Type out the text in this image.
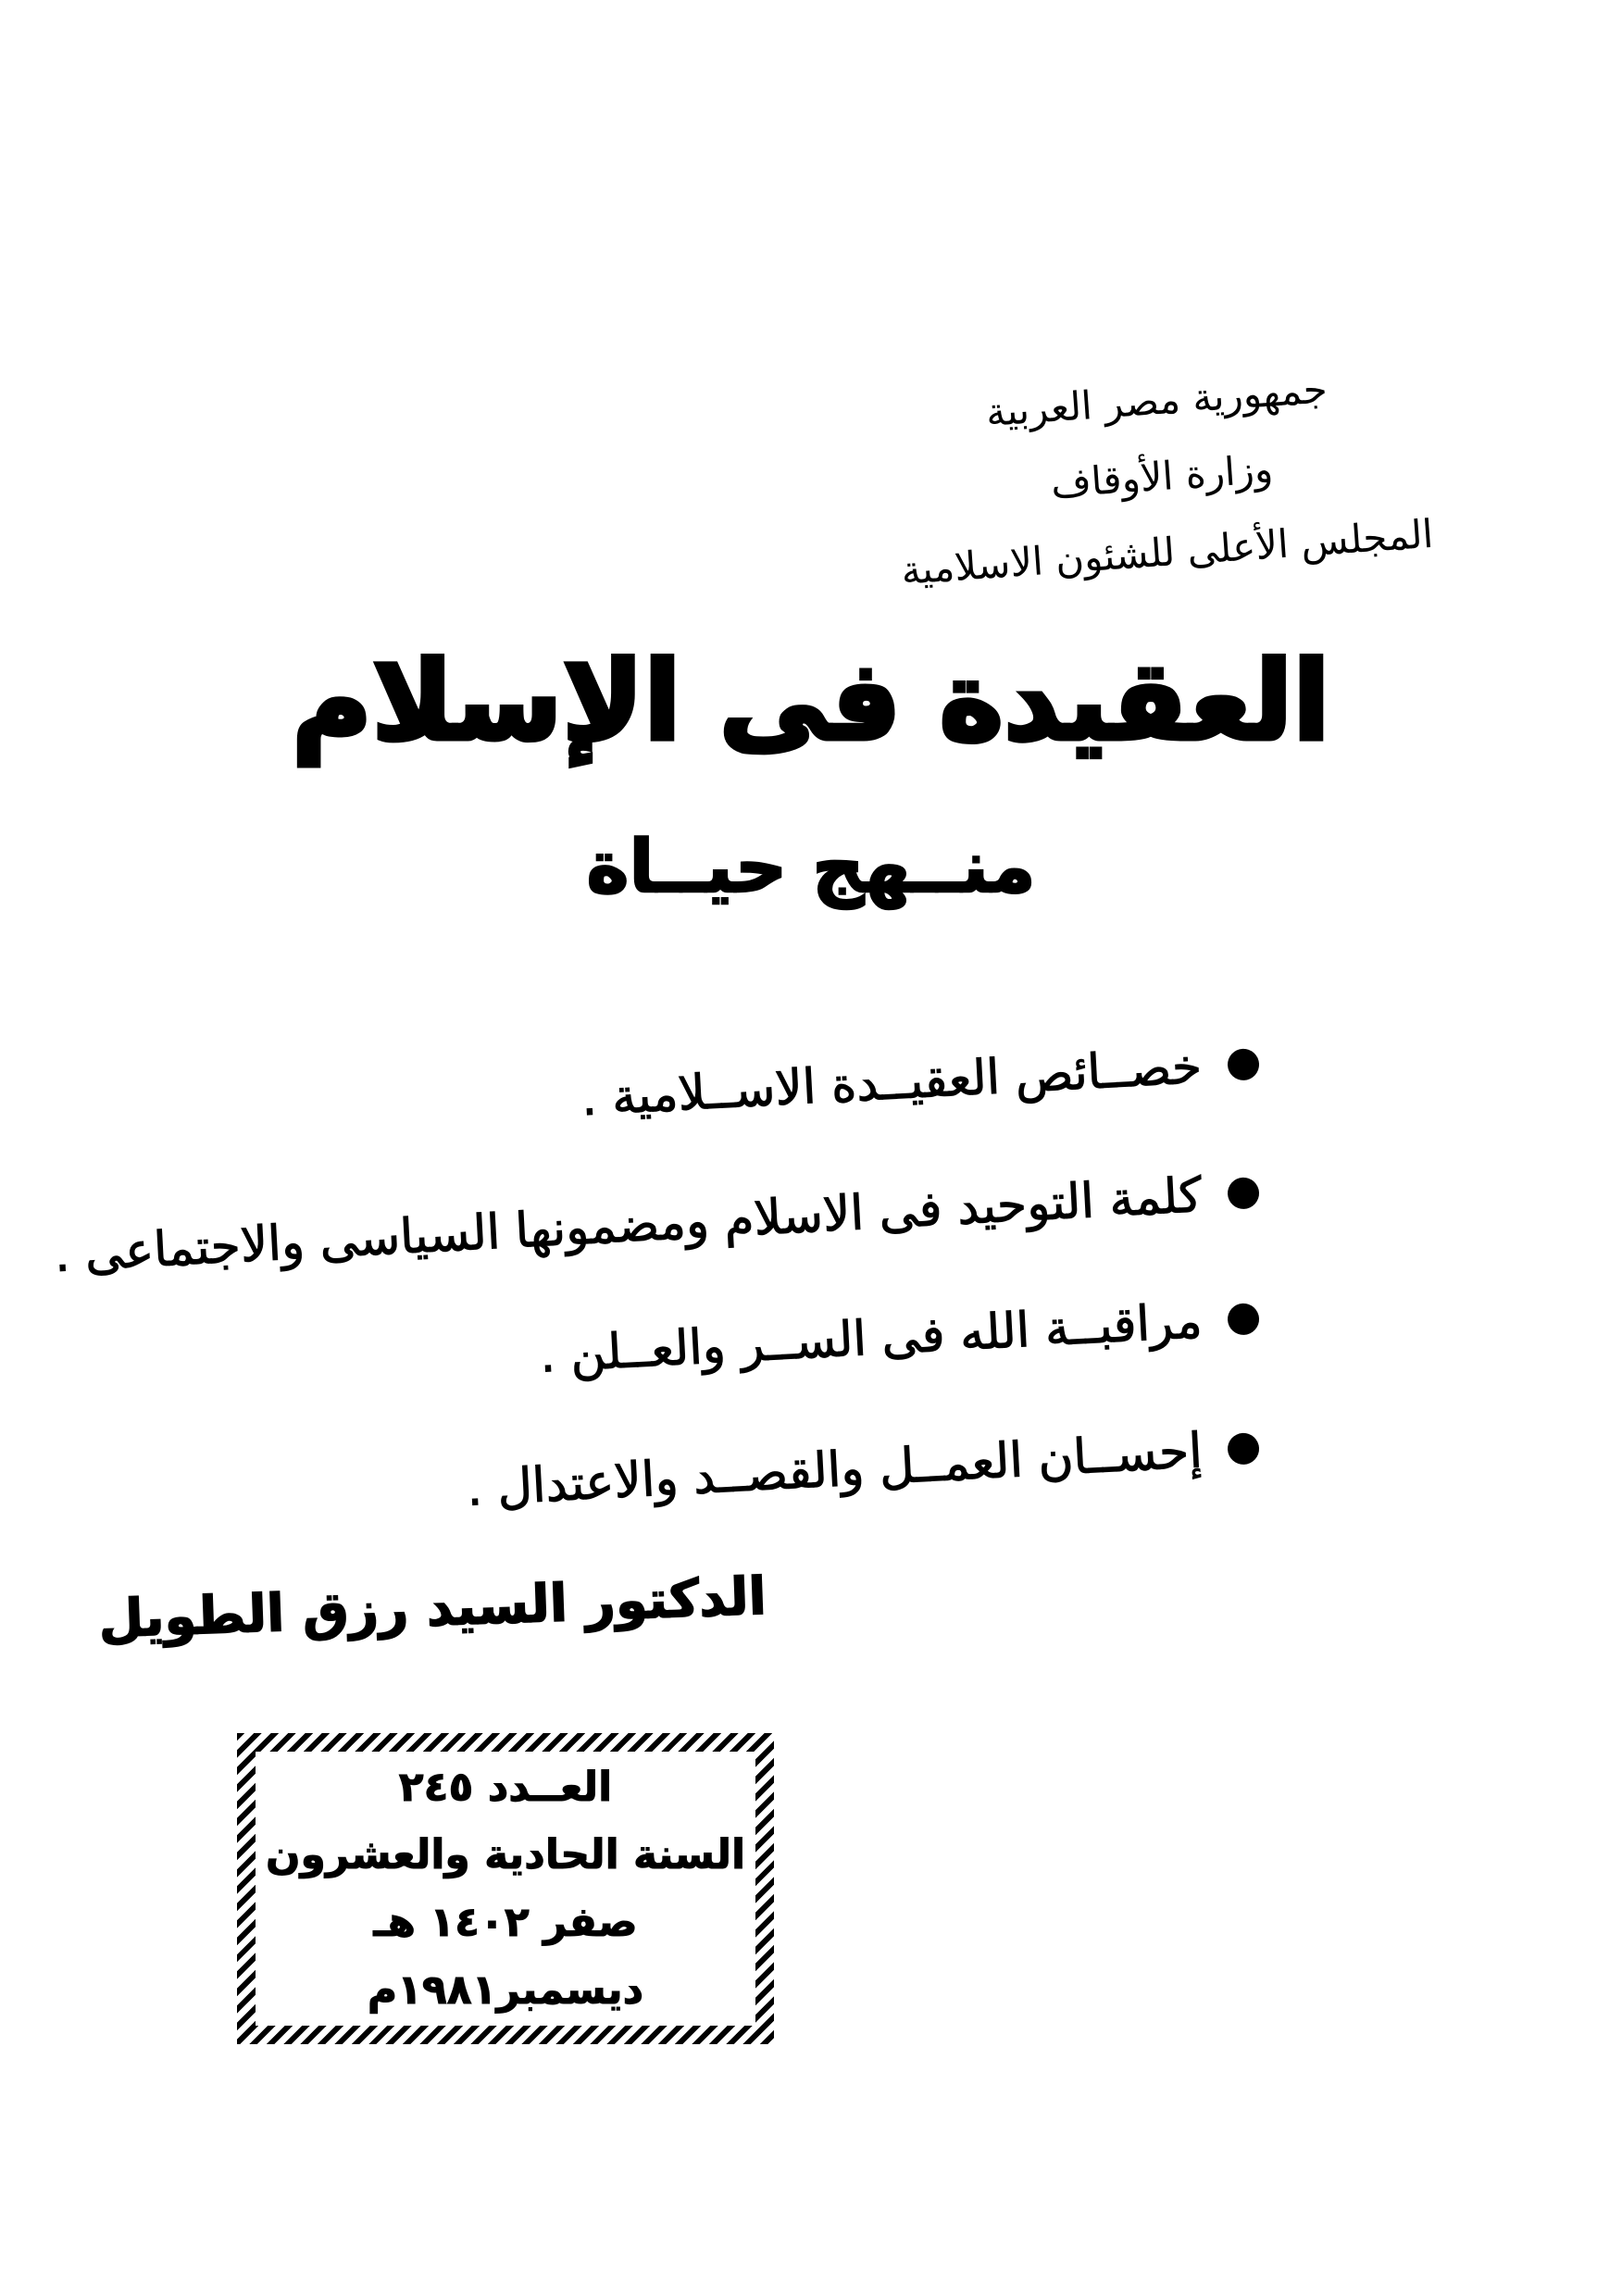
جمهورية مصر العربية
وزارة الأوقاف
المجلس الأعلى للشئون الاسلامية
العقيدة فى الإسلام
منــهج حيــاة
خصــائص العقيــدة الاســلامية .
كلمة التوحيد فى الاسلام ومضمونها السياسى والاجتماعى .
مراقبــة الله فى الســر والعــلن .
إحســان العمــل والقصــد والاعتدال .
الدكتور السيد رزق الطويل
العــدد ٢٤٥
السنة الحادية والعشرون
صفر ١٤٠٢ هـ
ديسمبر١٩٨١م
